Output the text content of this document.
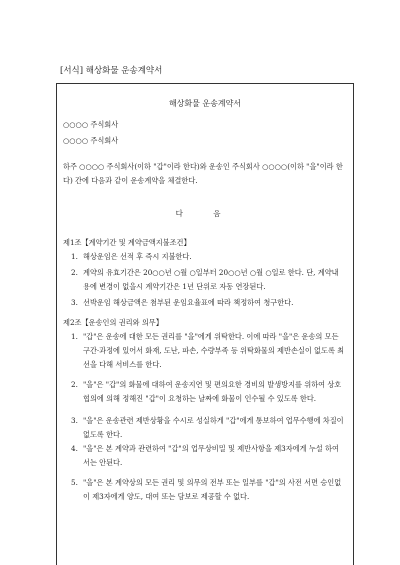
[서식] 해상화물 운송계약서
해상화물 운송계약서
○○○○ 주식회사
○○○○ 주식회사
하주 ○○○○ 주식회사(이하 "갑"이라 한다)와 운송인 주식회사 ○○○○(이하 "을"이라 한다) 간에 다음과 같이 운송계약을 체결한다.
다 음
제1조【계약기간 및 계약금액지불조건】
1. 해상운임은 선적 후 즉시 지불한다.
2. 계약의 유효기간은 20○○년 ○월 ○일부터 20○○년 ○월 ○일로 한다. 단, 계약내용에 변경이 없을시 계약기간은 1년 단위로 자동 연장된다.
3. 선박운임 해상금액은 첨부된 운임요율표에 따라 책정하여 청구한다.
제2조【운송인의 권리와 의무】
1. "갑"은 운송에 대한 모든 권리를 "을"에게 위탁한다. 이에 따라 "을"은 운송의 모든 구간·과정에 있어서 화재, 도난, 파손, 수량부족 등 위탁화물의 제반손실이 없도록 최선을 다해 서비스를 한다.
2. "을"은 "갑"의 화물에 대하여 운송지연 및 편의요한 경비의 발생방지를 위하여 상호 협의에 의해 정해진 "갑"이 요청하는 날짜에 화물이 인수될 수 있도록 한다.
3. "을"은 운송관련 제반상황을 수시로 성실하게 "갑"에게 통보하여 업무수행에 차질이 없도록 한다.
4. "을"은 본 계약과 관련하여 "갑"의 업무상비밀 및 제반사항을 제3자에게 누설 하여서는 안된다.
5. "을"은 본 계약상의 모든 권리 및 의무의 전부 또는 일부를 "갑"의 사전 서면 승인없이 제3자에게 양도, 대여 또는 담보로 제공할 수 없다.
